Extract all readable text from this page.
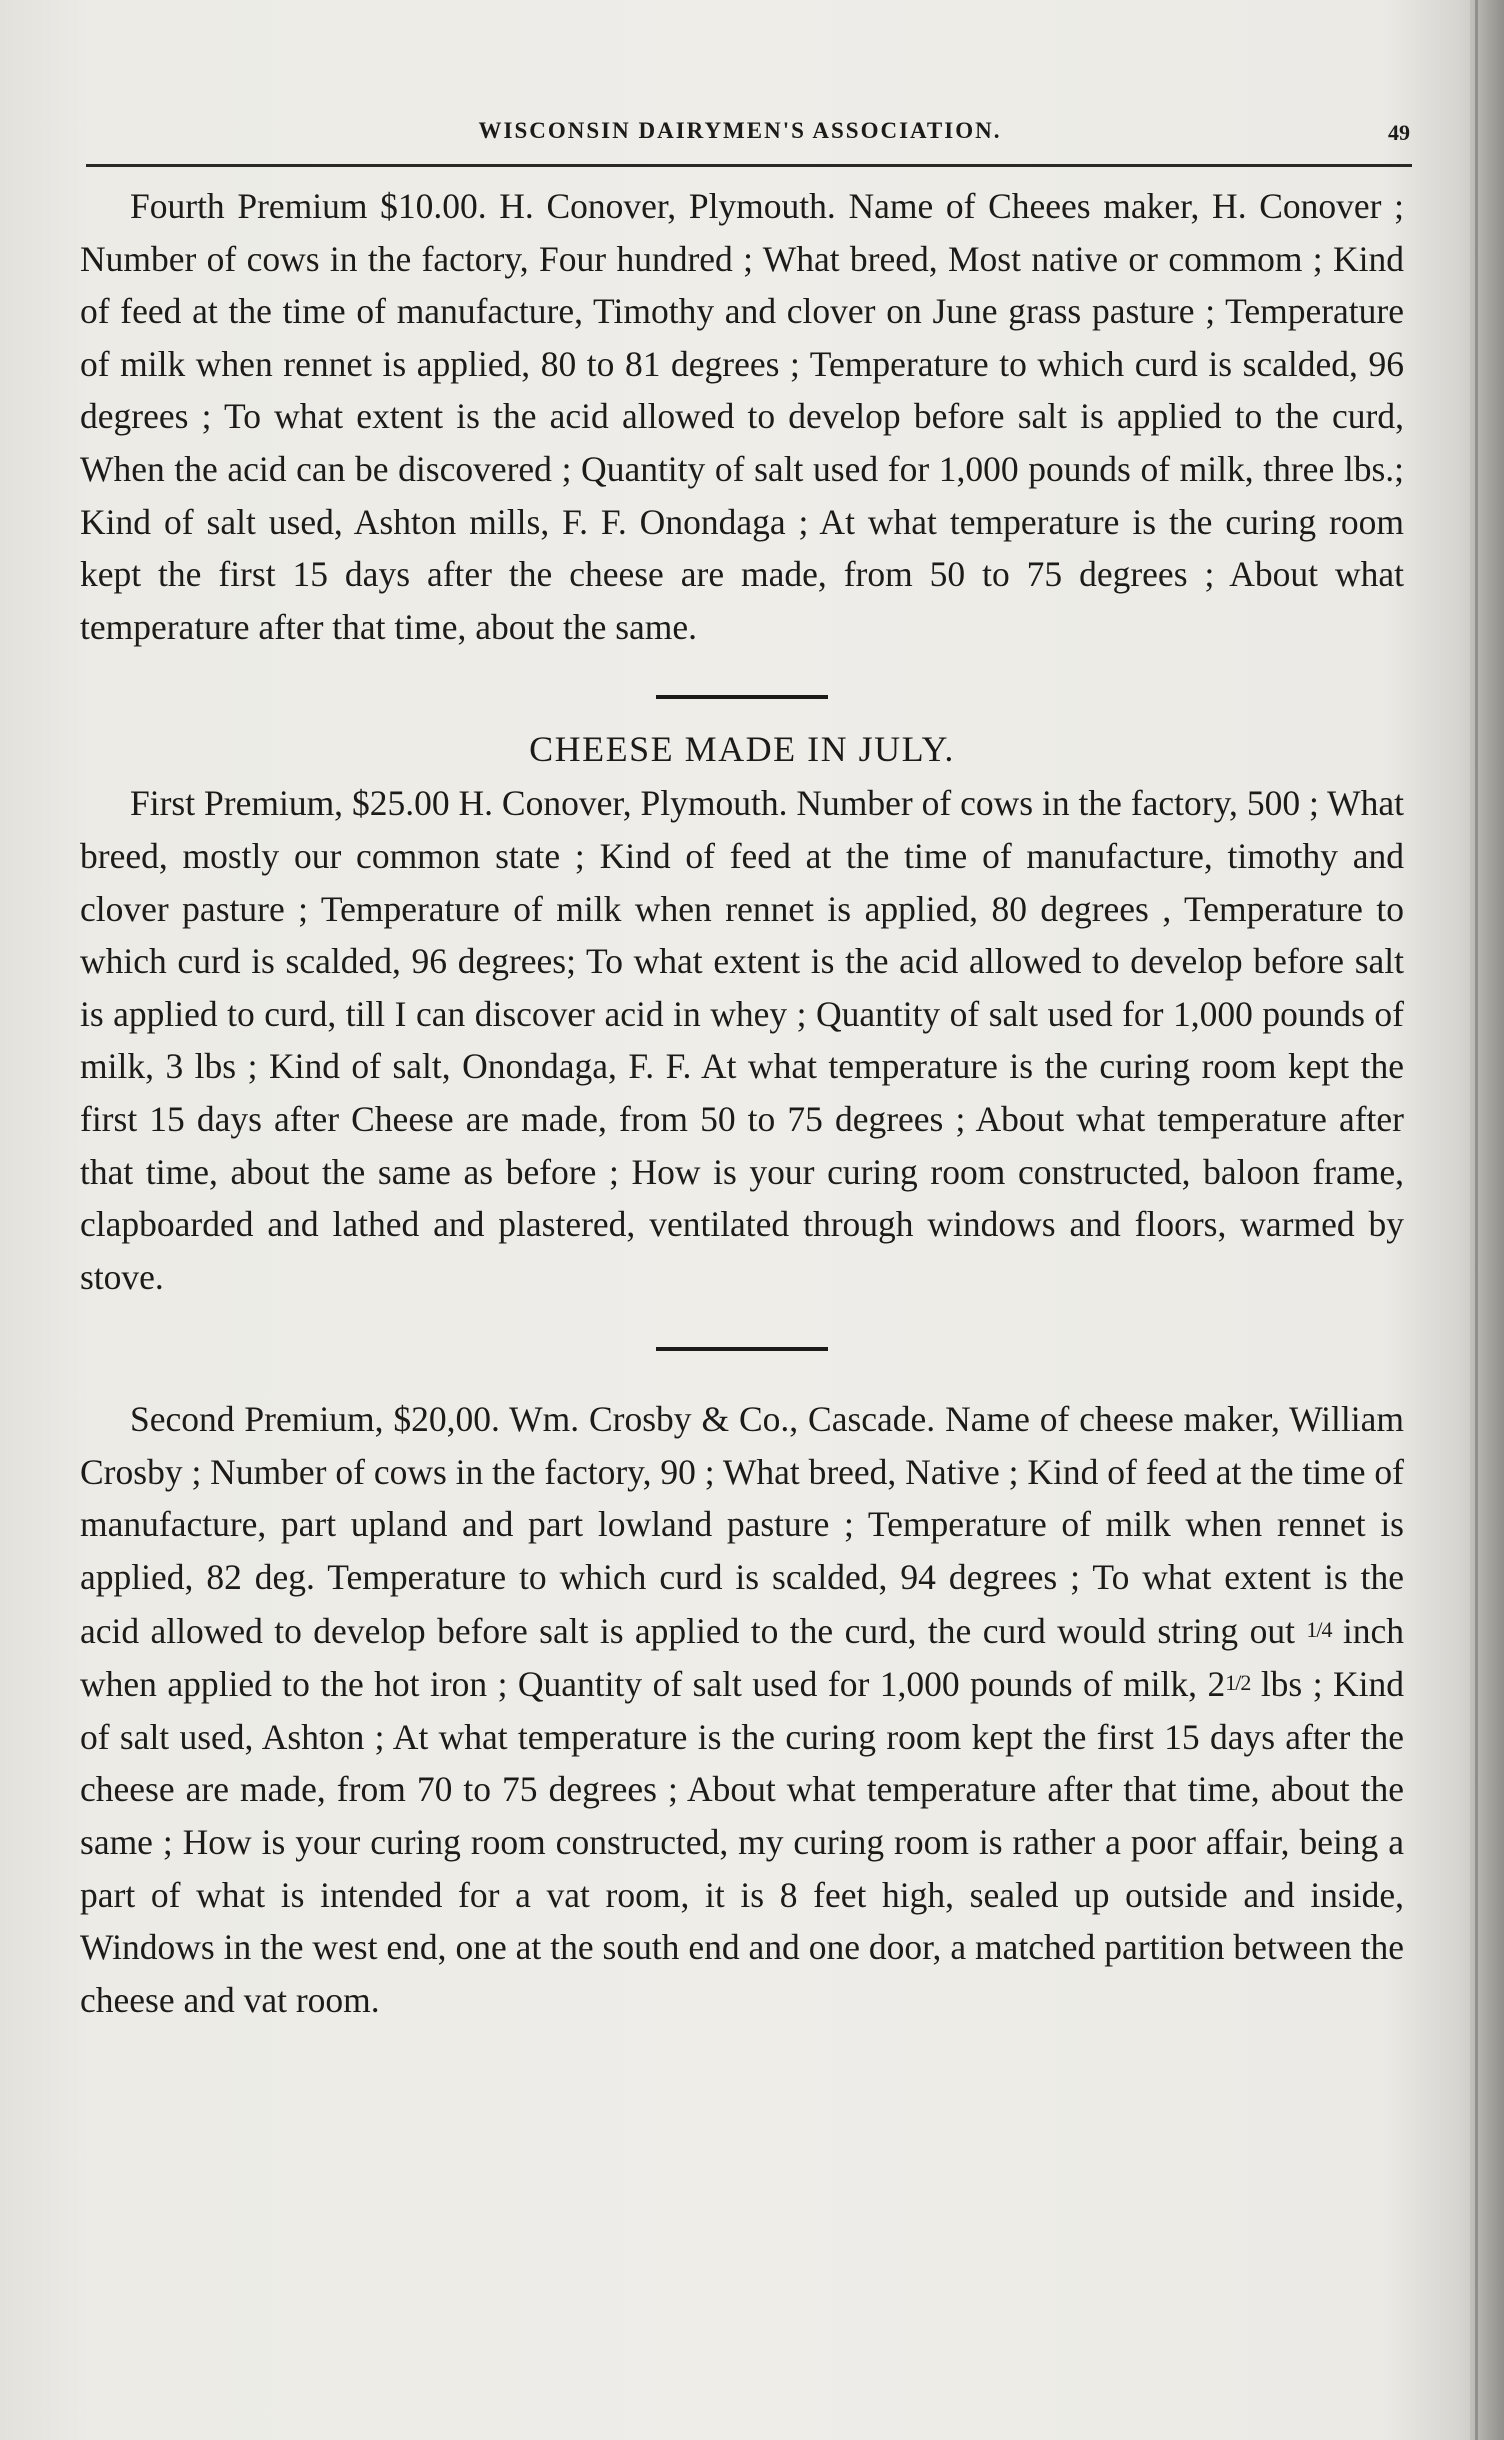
WISCONSIN DAIRYMEN'S ASSOCIATION.	49

Fourth Premium $10.00. H. Conover, Plymouth. Name of Cheees maker, H. Conover ; Number of cows in the factory, Four hundred ; What breed, Most native or commom ; Kind of feed at the time of manufacture, Timothy and clover on June grass pasture ; Temperature of milk when rennet is applied, 80 to 81 degrees ; Temperature to which curd is scalded, 96 degrees ; To what extent is the acid allowed to develop before salt is applied to the curd, When the acid can be discovered ; Quantity of salt used for 1,000 pounds of milk, three lbs.; Kind of salt used, Ashton mills, F. F. Onondaga ; At what temperature is the curing room kept the first 15 days after the cheese are made, from 50 to 75 degrees ; About what temperature after that time, about the same.

CHEESE MADE IN JULY.

First Premium, $25.00 H. Conover, Plymouth. Number of cows in the factory, 500 ; What breed, mostly our common state ; Kind of feed at the time of manufacture, timothy and clover pasture ; Temperature of milk when rennet is applied, 80 degrees , Temperature to which curd is scalded, 96 degrees; To what extent is the acid allowed to develop before salt is applied to curd, till I can discover acid in whey ; Quantity of salt used for 1,000 pounds of milk, 3 lbs ; Kind of salt, Onondaga, F. F. At what temperature is the curing room kept the first 15 days after Cheese are made, from 50 to 75 degrees ; About what temperature after that time, about the same as before ; How is your curing room constructed, baloon frame, clapboarded and lathed and plastered, ventilated through windows and floors, warmed by stove.

Second Premium, $20,00. Wm. Crosby & Co., Cascade. Name of cheese maker, William Crosby ; Number of cows in the factory, 90 ; What breed, Native ; Kind of feed at the time of manufacture, part upland and part lowland pasture ; Temperature of milk when rennet is applied, 82 deg. Temperature to which curd is scalded, 94 degrees ; To what extent is the acid allowed to develop before salt is applied to the curd, the curd would string out 1/4 inch when applied to the hot iron ; Quantity of salt used for 1,000 pounds of milk, 21/2 lbs ; Kind of salt used, Ashton ; At what temperature is the curing room kept the first 15 days after the cheese are made, from 70 to 75 degrees ; About what temperature after that time, about the same ; How is your curing room constructed, my curing room is rather a poor affair, being a part of what is intended for a vat room, it is 8 feet high, sealed up outside and inside, Windows in the west end, one at the south end and one door, a matched partition between the cheese and vat room.
